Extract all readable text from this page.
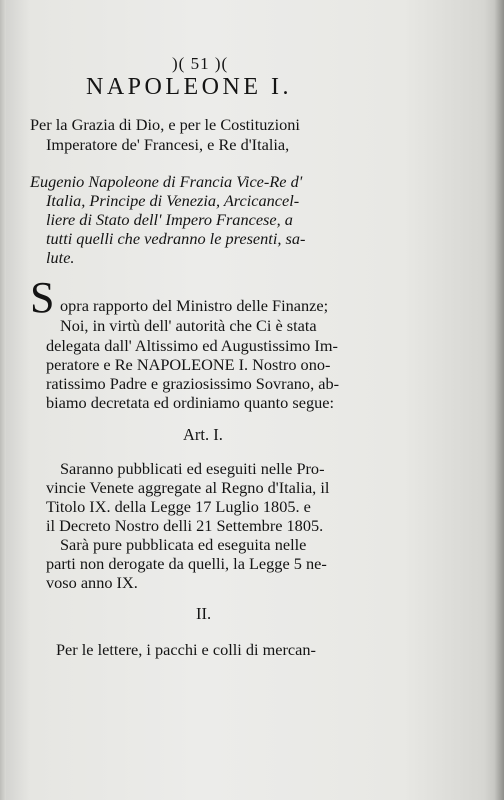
)( 51 )(
NAPOLEONE I.
Per la Grazia di Dio, e per le Costituzioni
Imperatore de' Francesi, e Re d'Italia,
Eugenio Napoleone di Francia Vice-Re d'
Italia, Principe di Venezia, Arcicancel-
liere di Stato dell' Impero Francese, a
tutti quelli che vedranno le presenti, sa-
lute.
S opra rapporto del Ministro delle Finanze;
Noi, in virtù dell' autorità che Ci è stata
delegata dall' Altissimo ed Augustissimo Im-
peratore e Re NAPOLEONE I. Nostro ono-
ratissimo Padre e graziosissimo Sovrano, ab-
biamo decretata ed ordiniamo quanto segue:
Art. I.
Saranno pubblicati ed eseguiti nelle Pro-
vincie Venete aggregate al Regno d'Italia, il
Titolo IX. della Legge 17 Luglio 1805. e
il Decreto Nostro delli 21 Settembre 1805.
Sarà pure pubblicata ed eseguita nelle
parti non derogate da quelli, la Legge 5 ne-
voso anno IX.
II.
Per le lettere, i pacchi e colli di mercan-
